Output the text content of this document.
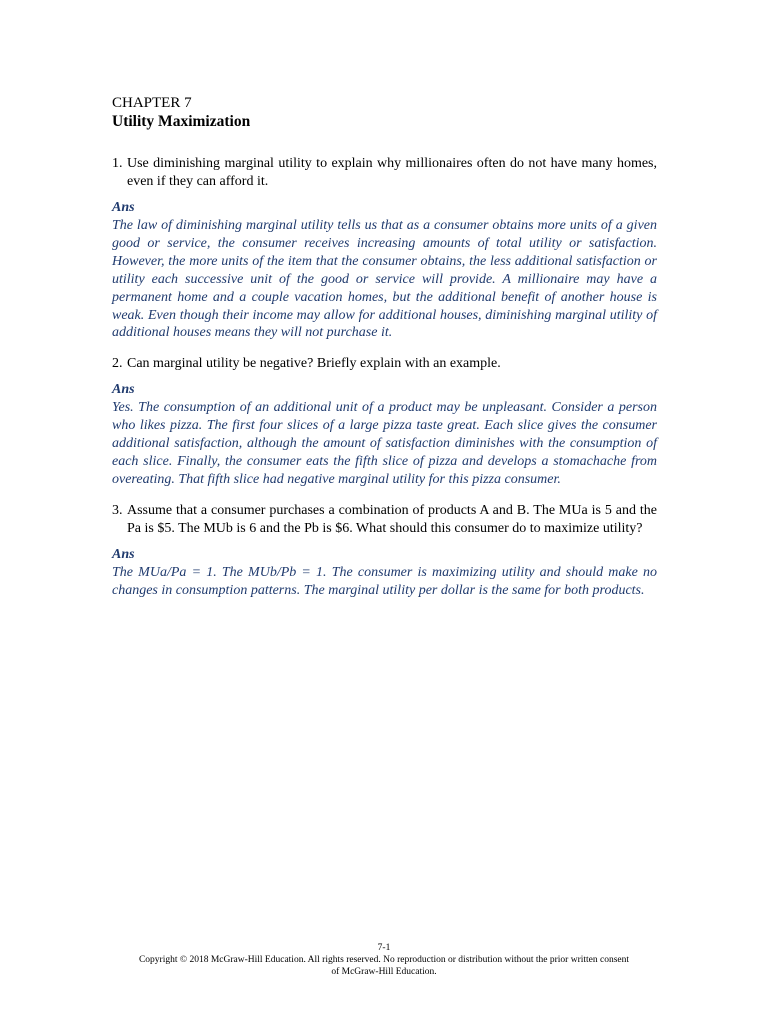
CHAPTER 7

Utility Maximization

1. Use diminishing marginal utility to explain why millionaires often do not have many homes, even if they can afford it.

Ans

The law of diminishing marginal utility tells us that as a consumer obtains more units of a given good or service, the consumer receives increasing amounts of total utility or satisfaction. However, the more units of the item that the consumer obtains, the less additional satisfaction or utility each successive unit of the good or service will provide. A millionaire may have a permanent home and a couple vacation homes, but the additional benefit of another house is weak. Even though their income may allow for additional houses, diminishing marginal utility of additional houses means they will not purchase it.

2. Can marginal utility be negative? Briefly explain with an example.

Ans

Yes. The consumption of an additional unit of a product may be unpleasant. Consider a person who likes pizza. The first four slices of a large pizza taste great. Each slice gives the consumer additional satisfaction, although the amount of satisfaction diminishes with the consumption of each slice. Finally, the consumer eats the fifth slice of pizza and develops a stomachache from overeating. That fifth slice had negative marginal utility for this pizza consumer.

3. Assume that a consumer purchases a combination of products A and B. The MUa is 5 and the Pa is $5. The MUb is 6 and the Pb is $6. What should this consumer do to maximize utility?

Ans

The MUa/Pa = 1. The MUb/Pb = 1. The consumer is maximizing utility and should make no changes in consumption patterns. The marginal utility per dollar is the same for both products.

7-1
Copyright © 2018 McGraw-Hill Education. All rights reserved. No reproduction or distribution without the prior written consent of McGraw-Hill Education.
